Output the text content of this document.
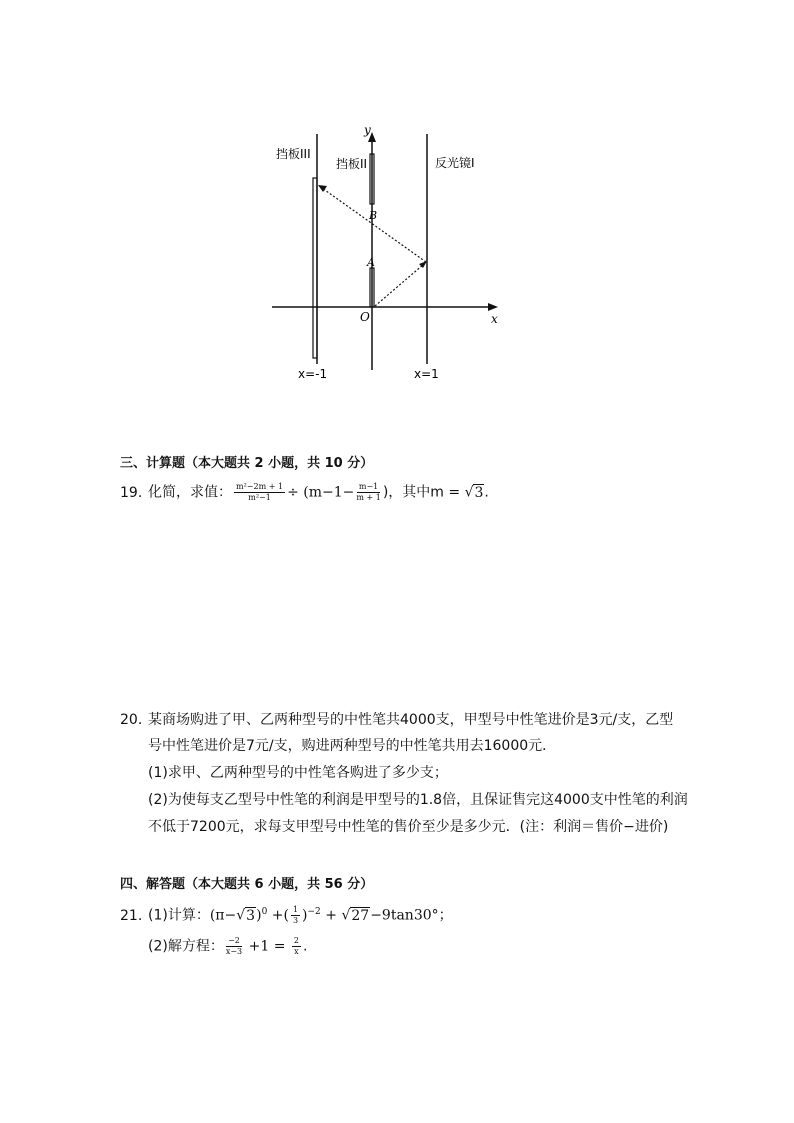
挡板III
挡板II	反光镜I
y
x
O
A
B
x=-1	x=1
三、计算题（本大题共 2 小题，共 10 分）
19. 化简，求值： $\frac{\text{m²−2m + 1}}{\text{m²−1}} \div (m-1- \frac{m-1}{m + 1}$ )，其中m = √3.
20. 某商场购进了甲、乙两种型号的中性笔共4000支，甲型号中性笔进价是3元/支，乙型
号中性笔进价是7元/支，购进两种型号的中性笔共用去16000元．
(1)求甲、乙两种型号的中性笔各购进了多少支；
(2)为使每支乙型号中性笔的利润是甲型号的1.8倍，且保证售完这4000支中性笔的利润
不低于7200元，求每支甲型号中性笔的售价至少是多少元．(注：利润＝售价−进价)
四、解答题（本大题共 6 小题，共 56 分）
21. (1)计算：$(\pi-√3)^0$ +( $\frac{1}{3} )^{-2} + √27-9\tan 30^\circ$；
(2)解方程： $\frac{-2}{x-3} +1 = \frac{2}{x}$ .
